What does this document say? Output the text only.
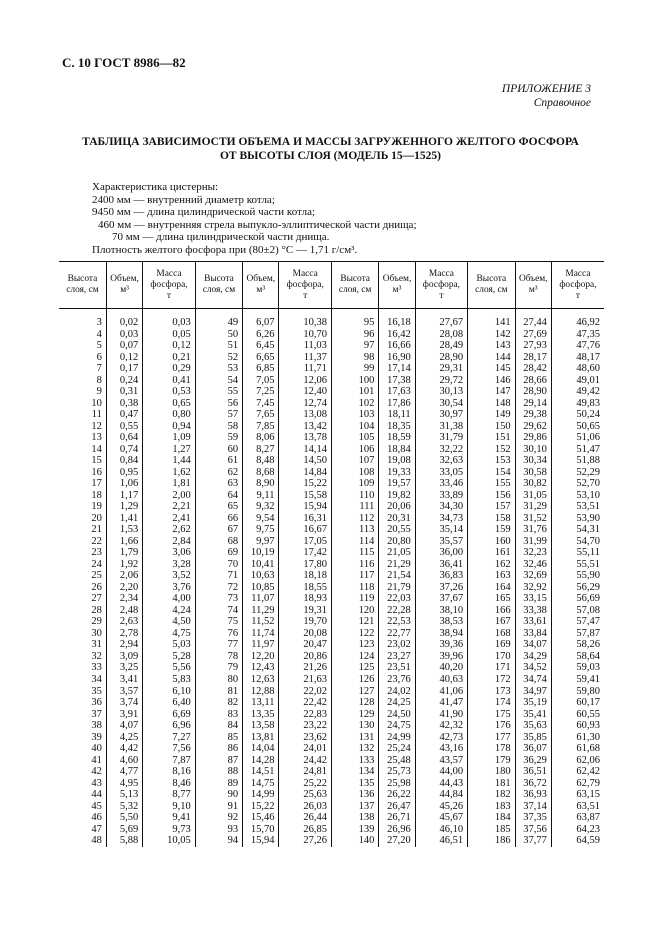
С. 10 ГОСТ 8986—82
ПРИЛОЖЕНИЕ 3
Справочное
ТАБЛИЦА ЗАВИСИМОСТИ ОБЪЕМА И МАССЫ ЗАГРУЖЕННОГО ЖЕЛТОГО ФОСФОРА
ОТ ВЫСОТЫ СЛОЯ (МОДЕЛЬ 15—1525)
Характеристика цистерны:
2400 мм — внутренний диаметр котла;
9450 мм — длина цилиндрической части котла;
460 мм — внутренняя стрела выпукло-эллиптической части днища;
70 мм — длина цилиндрической части днища.
Плотность желтого фосфора при (80±2) °С — 1,71 г/см³.
Высота
слоя, см	Объем,
м³	Масса
фосфора,
т	Высота
слоя, см	Объем,
м³	Масса
фосфора,
т	Высота
слоя, см	Объем,
м³	Масса
фосфора,
т	Высота
слоя, см	Объем,
м³	Масса
фосфора,
т

3	0,02	0,03	49	6,07	10,38	95	16,18	27,67	141	27,44	46,92
4	0,03	0,05	50	6,26	10,70	96	16,42	28,08	142	27,69	47,35
5	0,07	0,12	51	6,45	11,03	97	16,66	28,49	143	27,93	47,76
6	0,12	0,21	52	6,65	11,37	98	16,90	28,90	144	28,17	48,17
7	0,17	0,29	53	6,85	11,71	99	17,14	29,31	145	28,42	48,60
8	0,24	0,41	54	7,05	12,06	100	17,38	29,72	146	28,66	49,01
9	0,31	0,53	55	7,25	12,40	101	17,63	30,13	147	28,90	49,42
10	0,38	0,65	56	7,45	12,74	102	17,86	30,54	148	29,14	49,83
11	0,47	0,80	57	7,65	13,08	103	18,11	30,97	149	29,38	50,24
12	0,55	0,94	58	7,85	13,42	104	18,35	31,38	150	29,62	50,65
13	0,64	1,09	59	8,06	13,78	105	18,59	31,79	151	29,86	51,06
14	0,74	1,27	60	8,27	14,14	106	18,84	32,22	152	30,10	51,47
15	0,84	1,44	61	8,48	14,50	107	19,08	32,63	153	30,34	51,88
16	0,95	1,62	62	8,68	14,84	108	19,33	33,05	154	30,58	52,29
17	1,06	1,81	63	8,90	15,22	109	19,57	33,46	155	30,82	52,70
18	1,17	2,00	64	9,11	15,58	110	19,82	33,89	156	31,05	53,10
19	1,29	2,21	65	9,32	15,94	111	20,06	34,30	157	31,29	53,51
20	1,41	2,41	66	9,54	16,31	112	20,31	34,73	158	31,52	53,90
21	1,53	2,62	67	9,75	16,67	113	20,55	35,14	159	31,76	54,31
22	1,66	2,84	68	9,97	17,05	114	20,80	35,57	160	31,99	54,70
23	1,79	3,06	69	10,19	17,42	115	21,05	36,00	161	32,23	55,11
24	1,92	3,28	70	10,41	17,80	116	21,29	36,41	162	32,46	55,51
25	2,06	3,52	71	10,63	18,18	117	21,54	36,83	163	32,69	55,90
26	2,20	3,76	72	10,85	18,55	118	21,79	37,26	164	32,92	56,29
27	2,34	4,00	73	11,07	18,93	119	22,03	37,67	165	33,15	56,69
28	2,48	4,24	74	11,29	19,31	120	22,28	38,10	166	33,38	57,08
29	2,63	4,50	75	11,52	19,70	121	22,53	38,53	167	33,61	57,47
30	2,78	4,75	76	11,74	20,08	122	22,77	38,94	168	33,84	57,87
31	2,94	5,03	77	11,97	20,47	123	23,02	39,36	169	34,07	58,26
32	3,09	5,28	78	12,20	20,86	124	23,27	39,96	170	34,29	58,64
33	3,25	5,56	79	12,43	21,26	125	23,51	40,20	171	34,52	59,03
34	3,41	5,83	80	12,63	21,63	126	23,76	40,63	172	34,74	59,41
35	3,57	6,10	81	12,88	22,02	127	24,02	41,06	173	34,97	59,80
36	3,74	6,40	82	13,11	22,42	128	24,25	41,47	174	35,19	60,17
37	3,91	6,69	83	13,35	22,83	129	24,50	41,90	175	35,41	60,55
38	4,07	6,96	84	13,58	23,22	130	24,75	42,32	176	35,63	60,93
39	4,25	7,27	85	13,81	23,62	131	24,99	42,73	177	35,85	61,30
40	4,42	7,56	86	14,04	24,01	132	25,24	43,16	178	36,07	61,68
41	4,60	7,87	87	14,28	24,42	133	25,48	43,57	179	36,29	62,06
42	4,77	8,16	88	14,51	24,81	134	25,73	44,00	180	36,51	62,42
43	4,95	8,46	89	14,75	25,22	135	25,98	44,43	181	36,72	62,79
44	5,13	8,77	90	14,99	25,63	136	26,22	44,84	182	36,93	63,15
45	5,32	9,10	91	15,22	26,03	137	26,47	45,26	183	37,14	63,51
46	5,50	9,41	92	15,46	26,44	138	26,71	45,67	184	37,35	63,87
47	5,69	9,73	93	15,70	26,85	139	26,96	46,10	185	37,56	64,23
48	5,88	10,05	94	15,94	27,26	140	27,20	46,51	186	37,77	64,59
